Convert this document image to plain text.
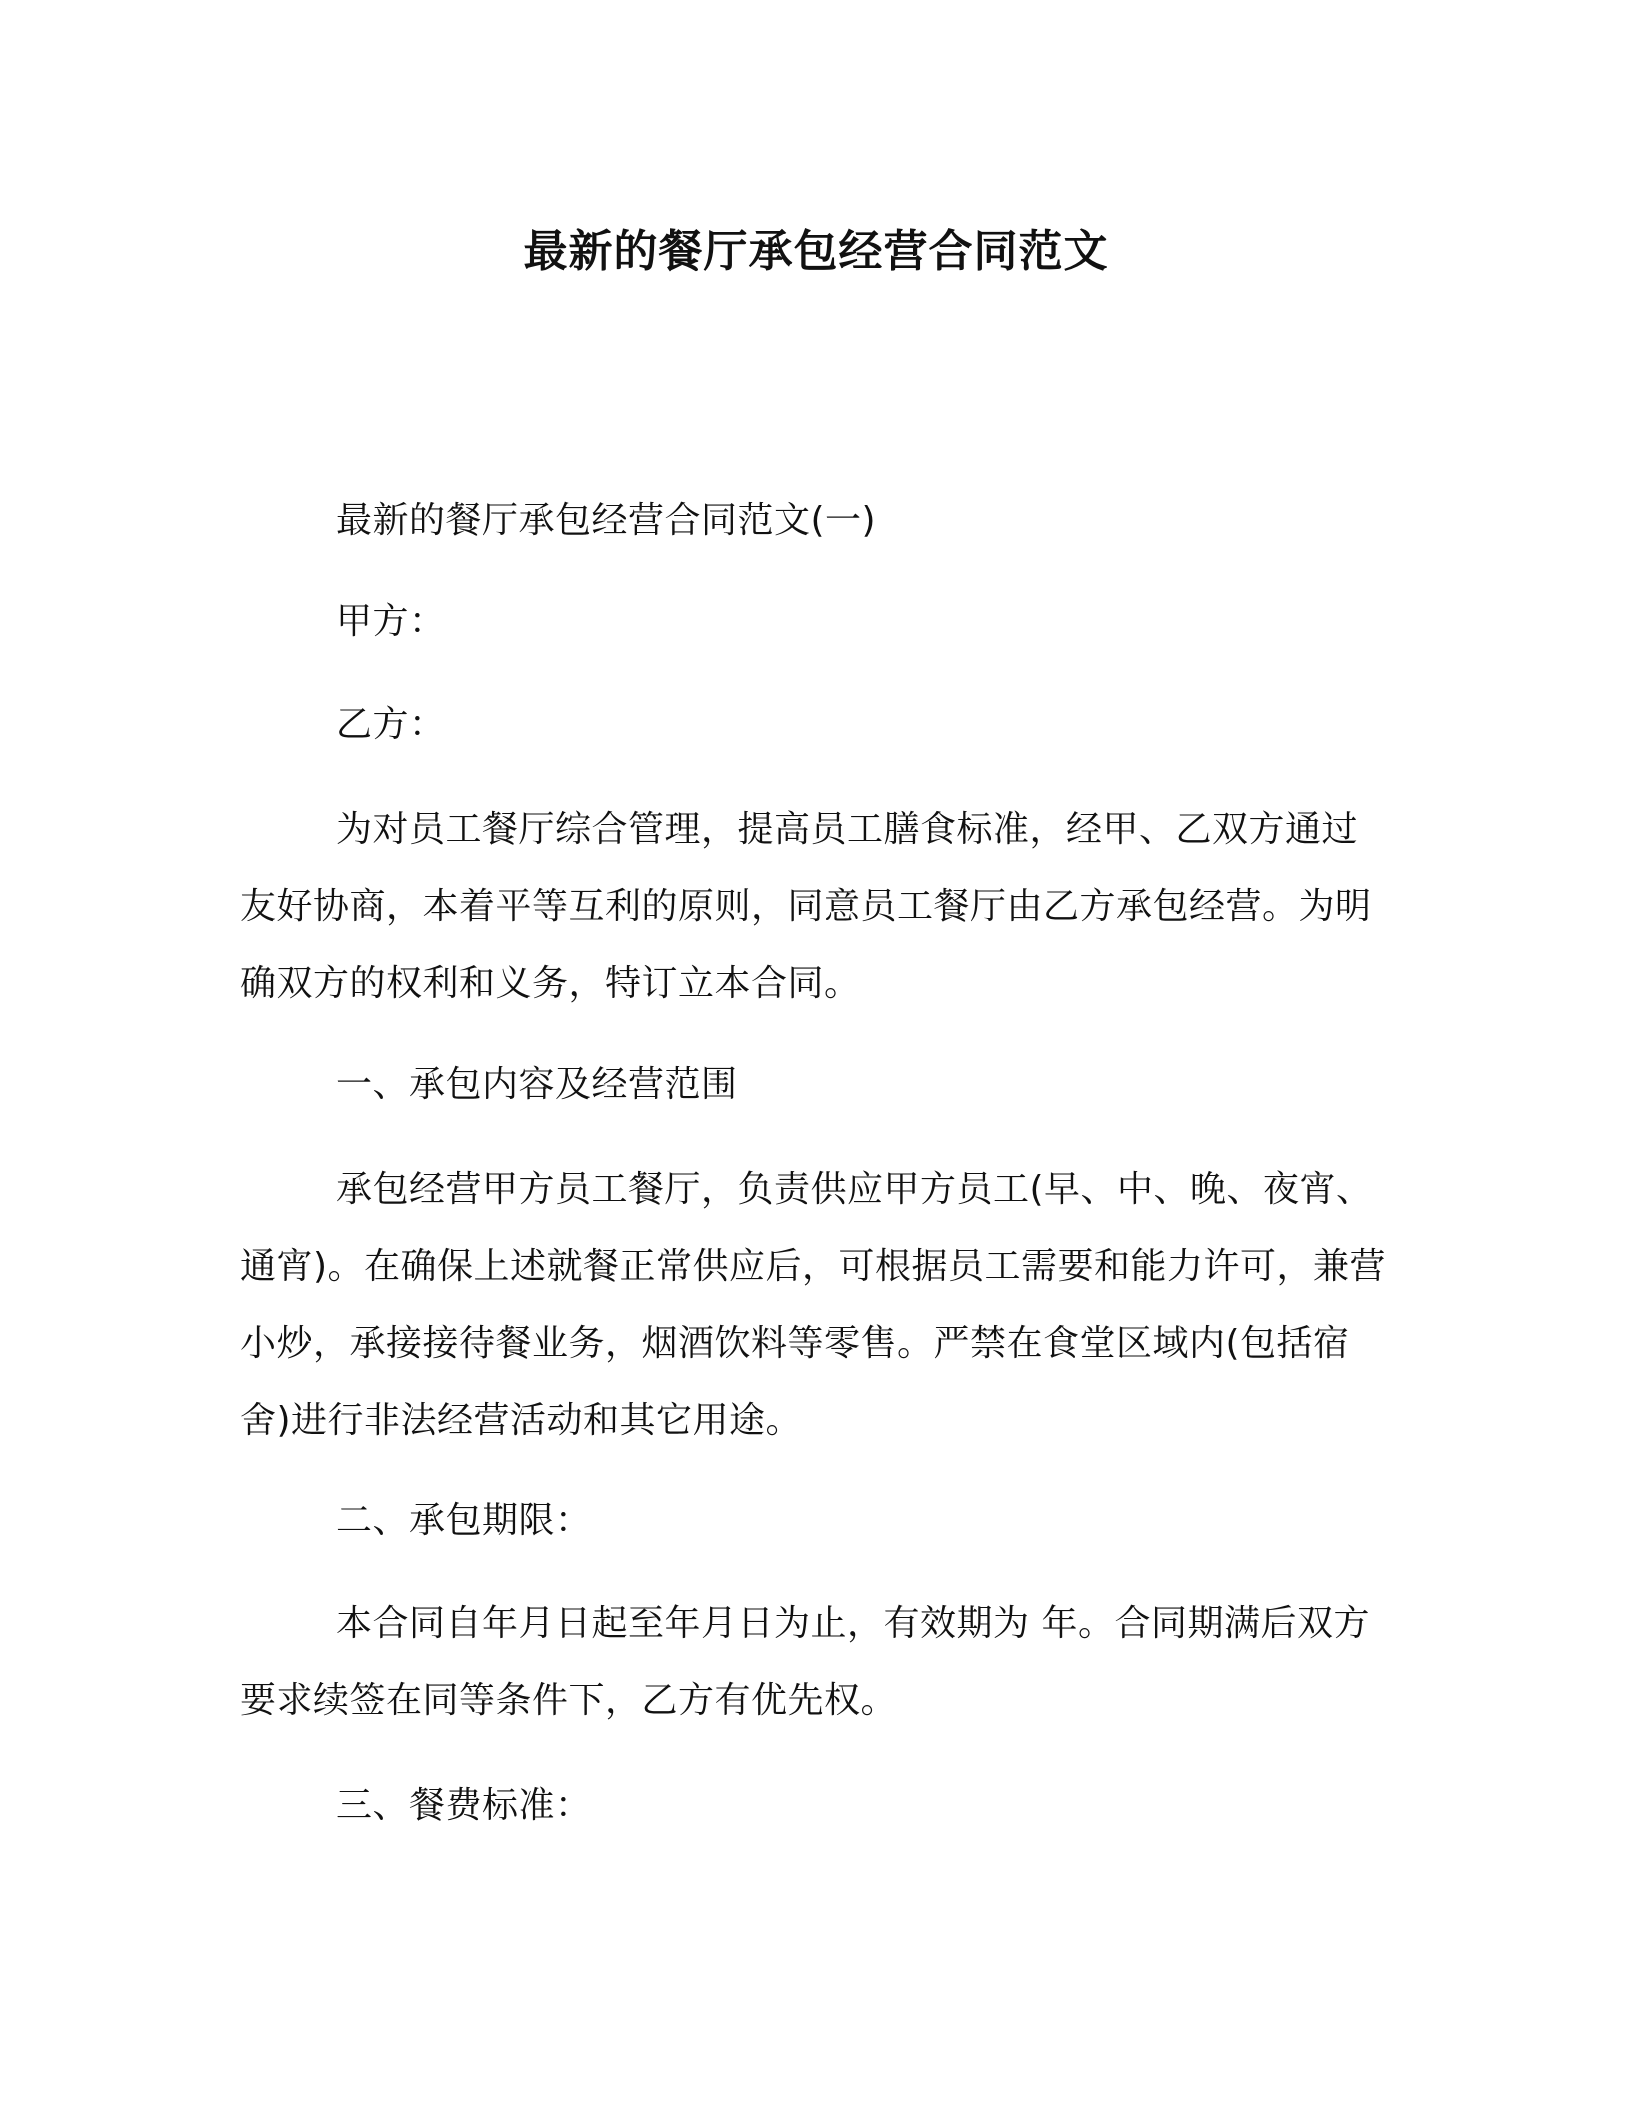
最新的餐厅承包经营合同范文

最新的餐厅承包经营合同范文(一)

甲方：

乙方：

为对员工餐厅综合管理，提高员工膳食标准，经甲、乙双方通过友好协商，本着平等互利的原则，同意员工餐厅由乙方承包经营。为明确双方的权利和义务，特订立本合同。

一、承包内容及经营范围

承包经营甲方员工餐厅，负责供应甲方员工(早、中、晚、夜宵、通宵)。在确保上述就餐正常供应后，可根据员工需要和能力许可，兼营小炒，承接接待餐业务，烟酒饮料等零售。严禁在食堂区域内(包括宿舍)进行非法经营活动和其它用途。

二、承包期限：

本合同自年月日起至年月日为止，有效期为 年。合同期满后双方要求续签在同等条件下，乙方有优先权。

三、餐费标准：
